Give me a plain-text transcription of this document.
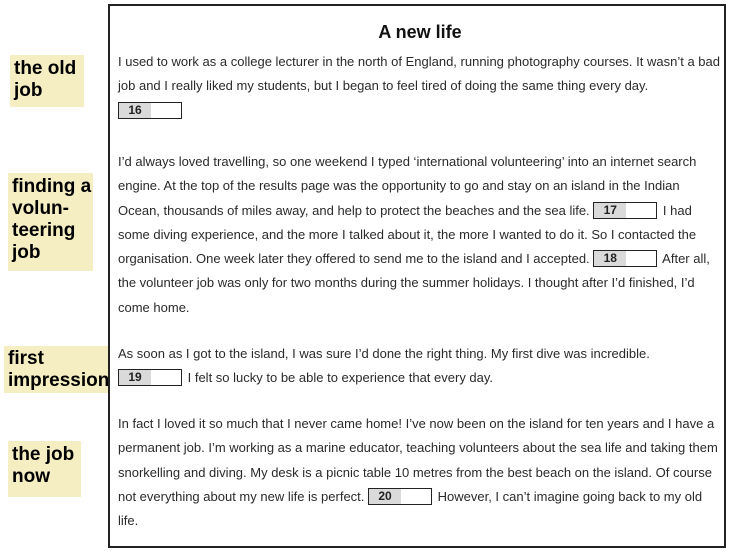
the old job
finding a volun-teering job
first impression
the job now
A new life

I used to work as a college lecturer in the north of England, running photography courses. It wasn’t a bad job and I really liked my students, but I began to feel tired of doing the same thing every day.

16

I’d always loved travelling, so one weekend I typed ‘international volunteering’ into an internet search engine. At the top of the results page was the opportunity to go and stay on an island in the Indian Ocean, thousands of miles away, and help to protect the beaches and the sea life. 17	I had some diving experience, and the more I talked about it, the more I wanted to do it. So I contacted the organisation. One week later they offered to send me to the island and I accepted. 18	After all, the volunteer job was only for two months during the summer holidays. I thought after I’d finished, I’d come home.

As soon as I got to the island, I was sure I’d done the right thing. My first dive was incredible.

19	I felt so lucky to be able to experience that every day.

In fact I loved it so much that I never came home! I’ve now been on the island for ten years and I have a permanent job. I’m working as a marine educator, teaching volunteers about the sea life and taking them snorkelling and diving. My desk is a picnic table 10 metres from the best beach on the island. Of course not everything about my new life is perfect. 20	However, I can’t imagine going back to my old life.
